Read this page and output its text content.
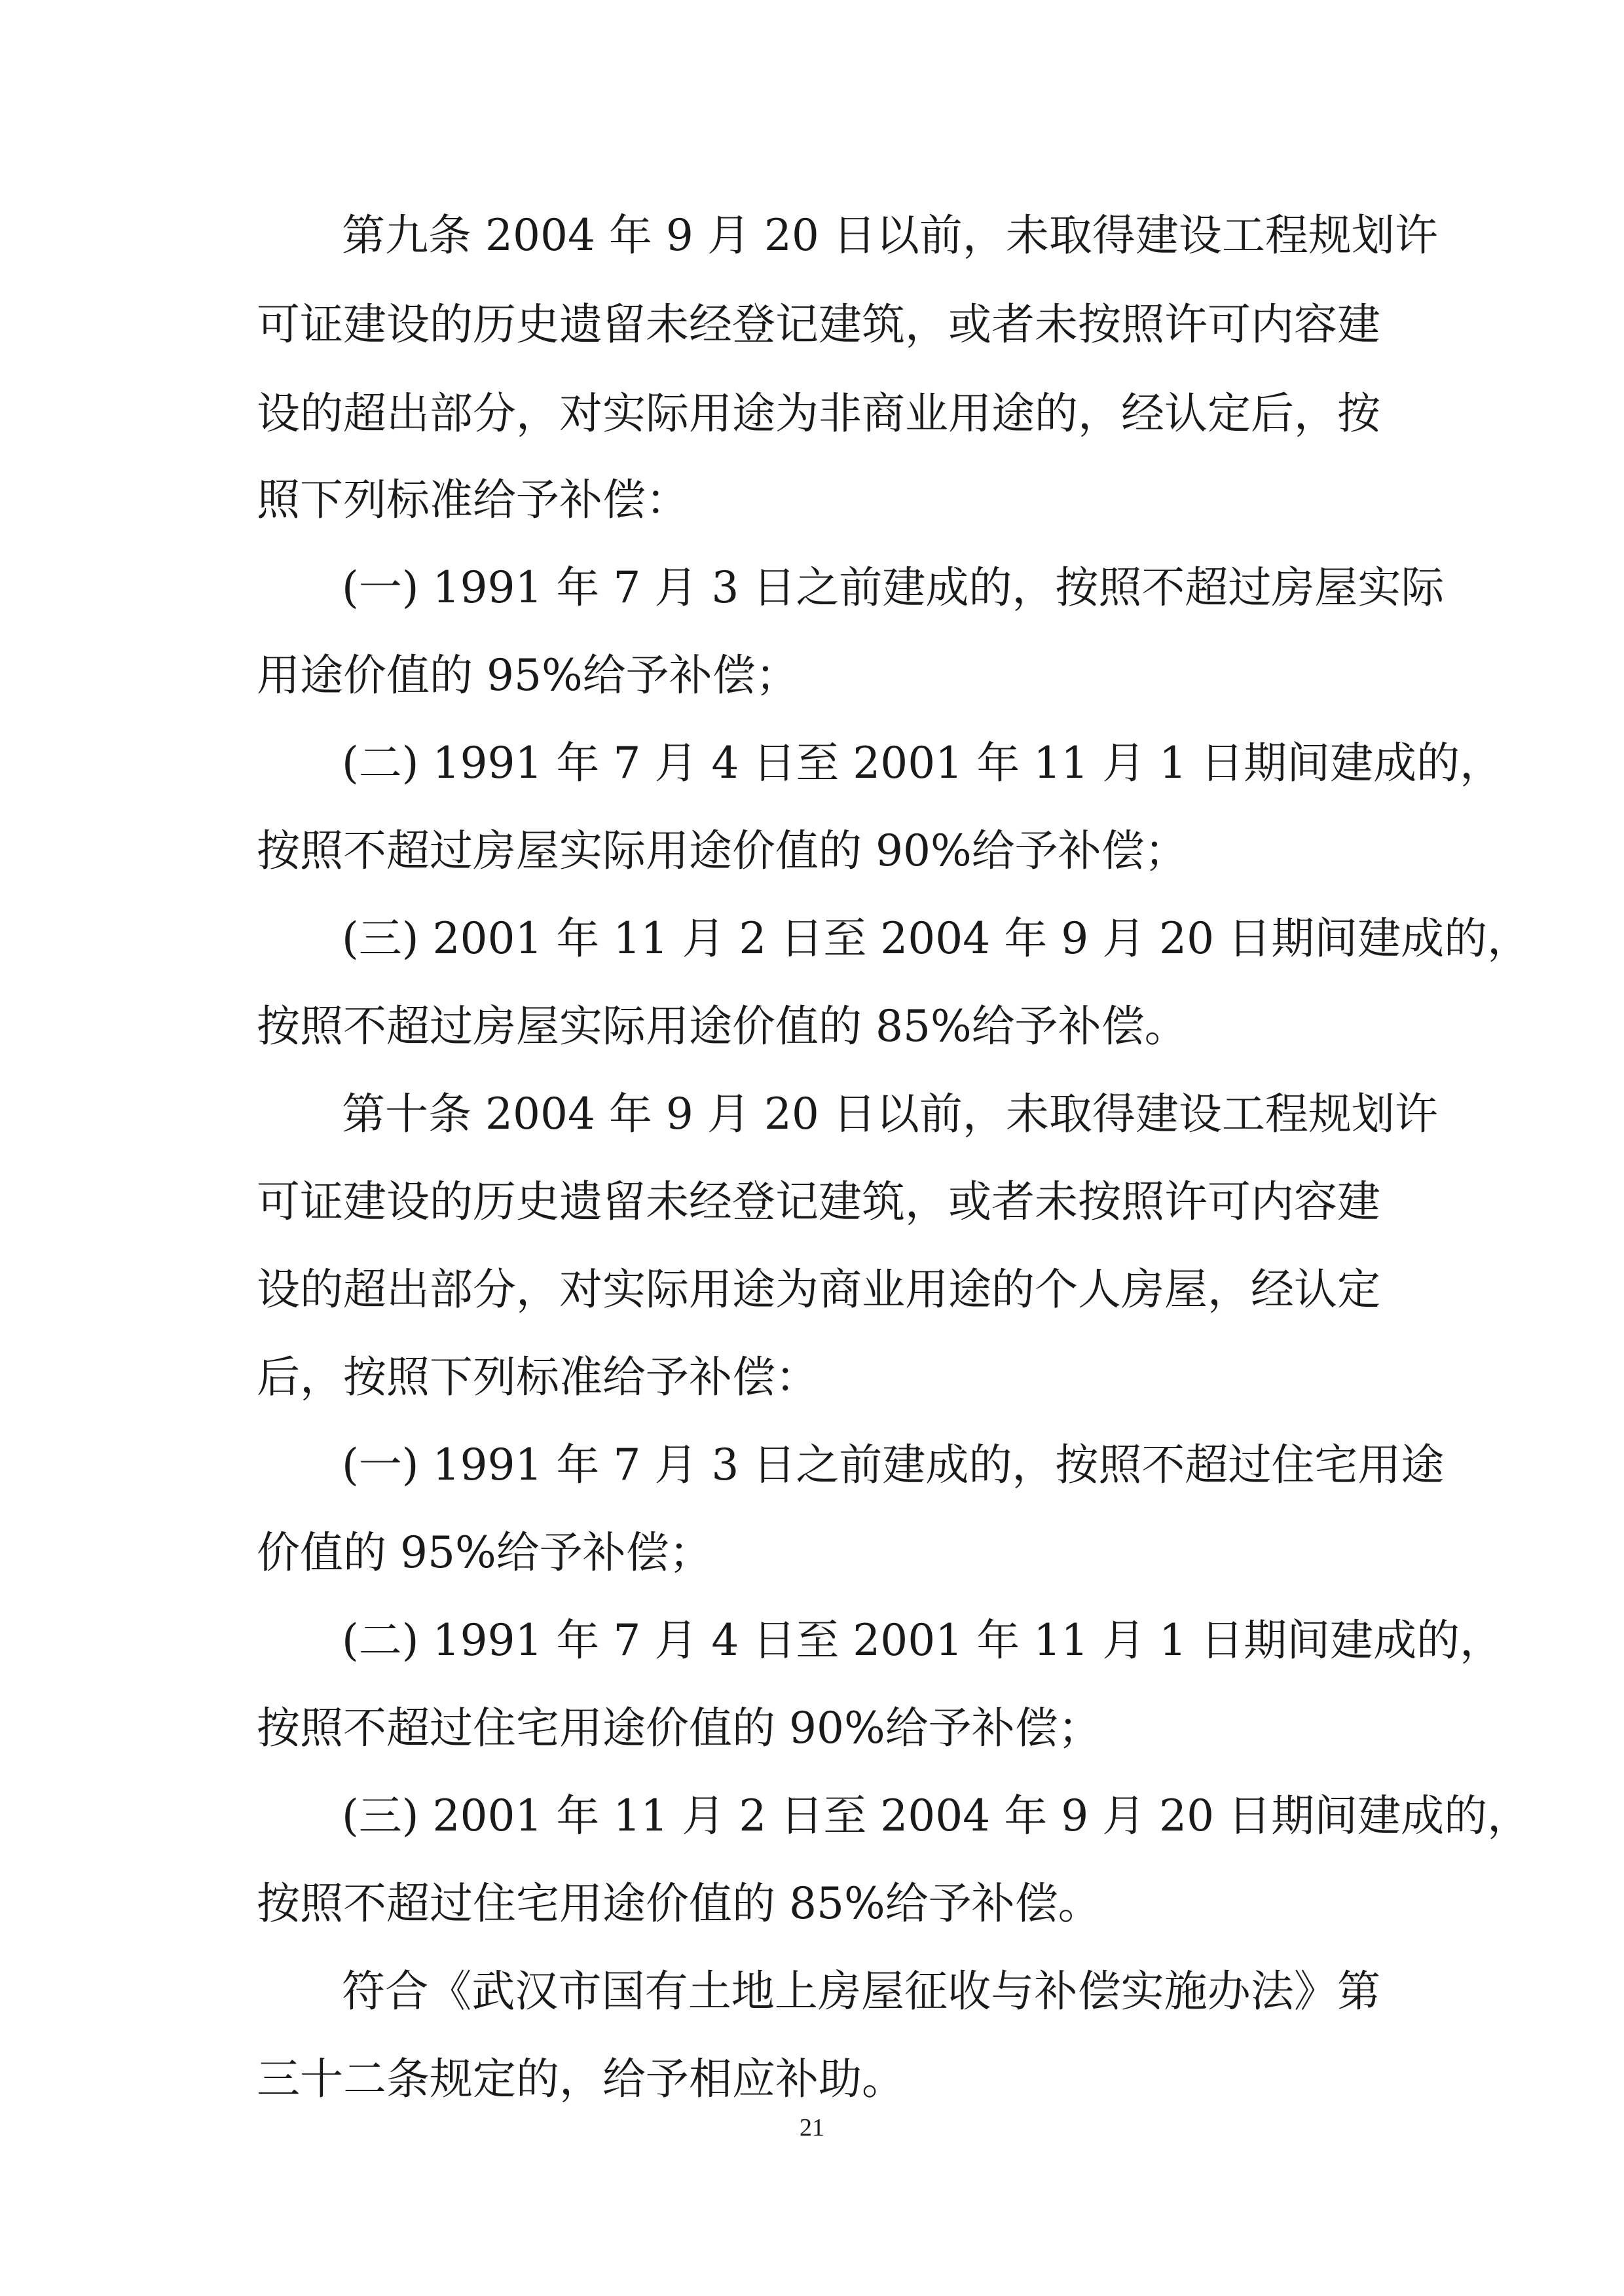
第九条 2004 年 9 月 20 日以前，未取得建设工程规划许
可证建设的历史遗留未经登记建筑，或者未按照许可内容建
设的超出部分，对实际用途为非商业用途的，经认定后，按
照下列标准给予补偿：
(一) 1991 年 7 月 3 日之前建成的，按照不超过房屋实际
用途价值的 95%给予补偿；
(二) 1991 年 7 月 4 日至 2001 年 11 月 1 日期间建成的，
按照不超过房屋实际用途价值的 90%给予补偿；
(三) 2001 年 11 月 2 日至 2004 年 9 月 20 日期间建成的，
按照不超过房屋实际用途价值的 85%给予补偿。
第十条 2004 年 9 月 20 日以前，未取得建设工程规划许
可证建设的历史遗留未经登记建筑，或者未按照许可内容建
设的超出部分，对实际用途为商业用途的个人房屋，经认定
后，按照下列标准给予补偿：
(一) 1991 年 7 月 3 日之前建成的，按照不超过住宅用途
价值的 95%给予补偿；
(二) 1991 年 7 月 4 日至 2001 年 11 月 1 日期间建成的，
按照不超过住宅用途价值的 90%给予补偿；
(三) 2001 年 11 月 2 日至 2004 年 9 月 20 日期间建成的，
按照不超过住宅用途价值的 85%给予补偿。
符合《武汉市国有土地上房屋征收与补偿实施办法》第
三十二条规定的，给予相应补助。
21
